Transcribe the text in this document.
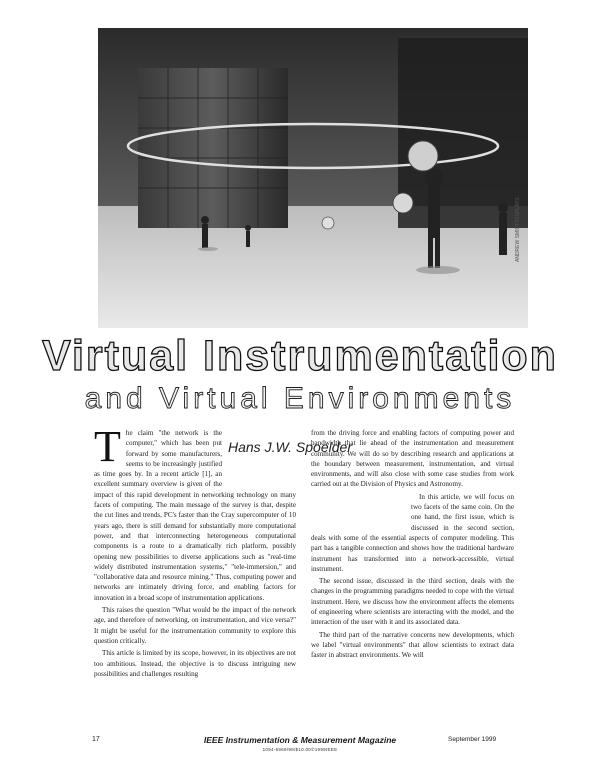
ANDREW SMIDT/DISPLAYS
Virtual Instrumentation
and Virtual Environments
T	Hans J.W. Spoelder
he claim "the network is the computer," which has been put forward by some manufacturers, seems to be increasingly justified as time goes by. In a recent article [1], an excellent summary overview is given of the impact of this rapid development in networking technology on many facets of computing. The main message of the survey is that, despite the cut lines and trends, PC's faster than the Cray supercomputer of 10 years ago, there is still demand for substantially more computational power, and that interconnecting heterogeneous computational components is a route to a dramatically rich platform, possibly opening new possibilities to diverse applications such as "real-time widely distributed instrumentation systems," "tele-immersion," and "collaborative data and resource mining." Thus, computing power and networks are intimately driving force, and enabling factors for innovation in a broad scope of instrumentation applications.

This raises the question "What would be the impact of the network age, and therefore of networking, on instrumentation, and vice versa?" It might be useful for the instrumentation community to explore this question critically.

This article is limited by its scope, however, in its objectives are not too ambitious. Instead, the objective is to discuss intriguing new possibilities and challenges resulting

from the driving force and enabling factors of computing power and bandwidth that lie ahead of the instrumentation and measurement community. We will do so by describing research and applications at the boundary between measurement, instrumentation, and virtual environments, and will also close with some case studies from work carried out at the Division of Physics and Astronomy.

In this article, we will focus on two facets of the same coin. On the one hand, the first issue, which is discussed in the second section, deals with some of the essential aspects of computer modeling. This part has a tangible connection and shows how the traditional hardware instrument has transformed into a network-accessible, virtual instrument.

The second issue, discussed in the third section, deals with the changes in the programming paradigms needed to cope with the virtual instrument. Here, we discuss how the environment affects the elements of engineering where scientists are interacting with the model, and the interaction of the user with it and its associated data.

The third part of the narrative concerns new developments, which we label "virtual environments" that allow scientists to extract data faster in abstract environments. We will

17	IEEE Instrumentation & Measurement Magazine
1094-6969/99/$10.00©1999IEEE
September 1999
